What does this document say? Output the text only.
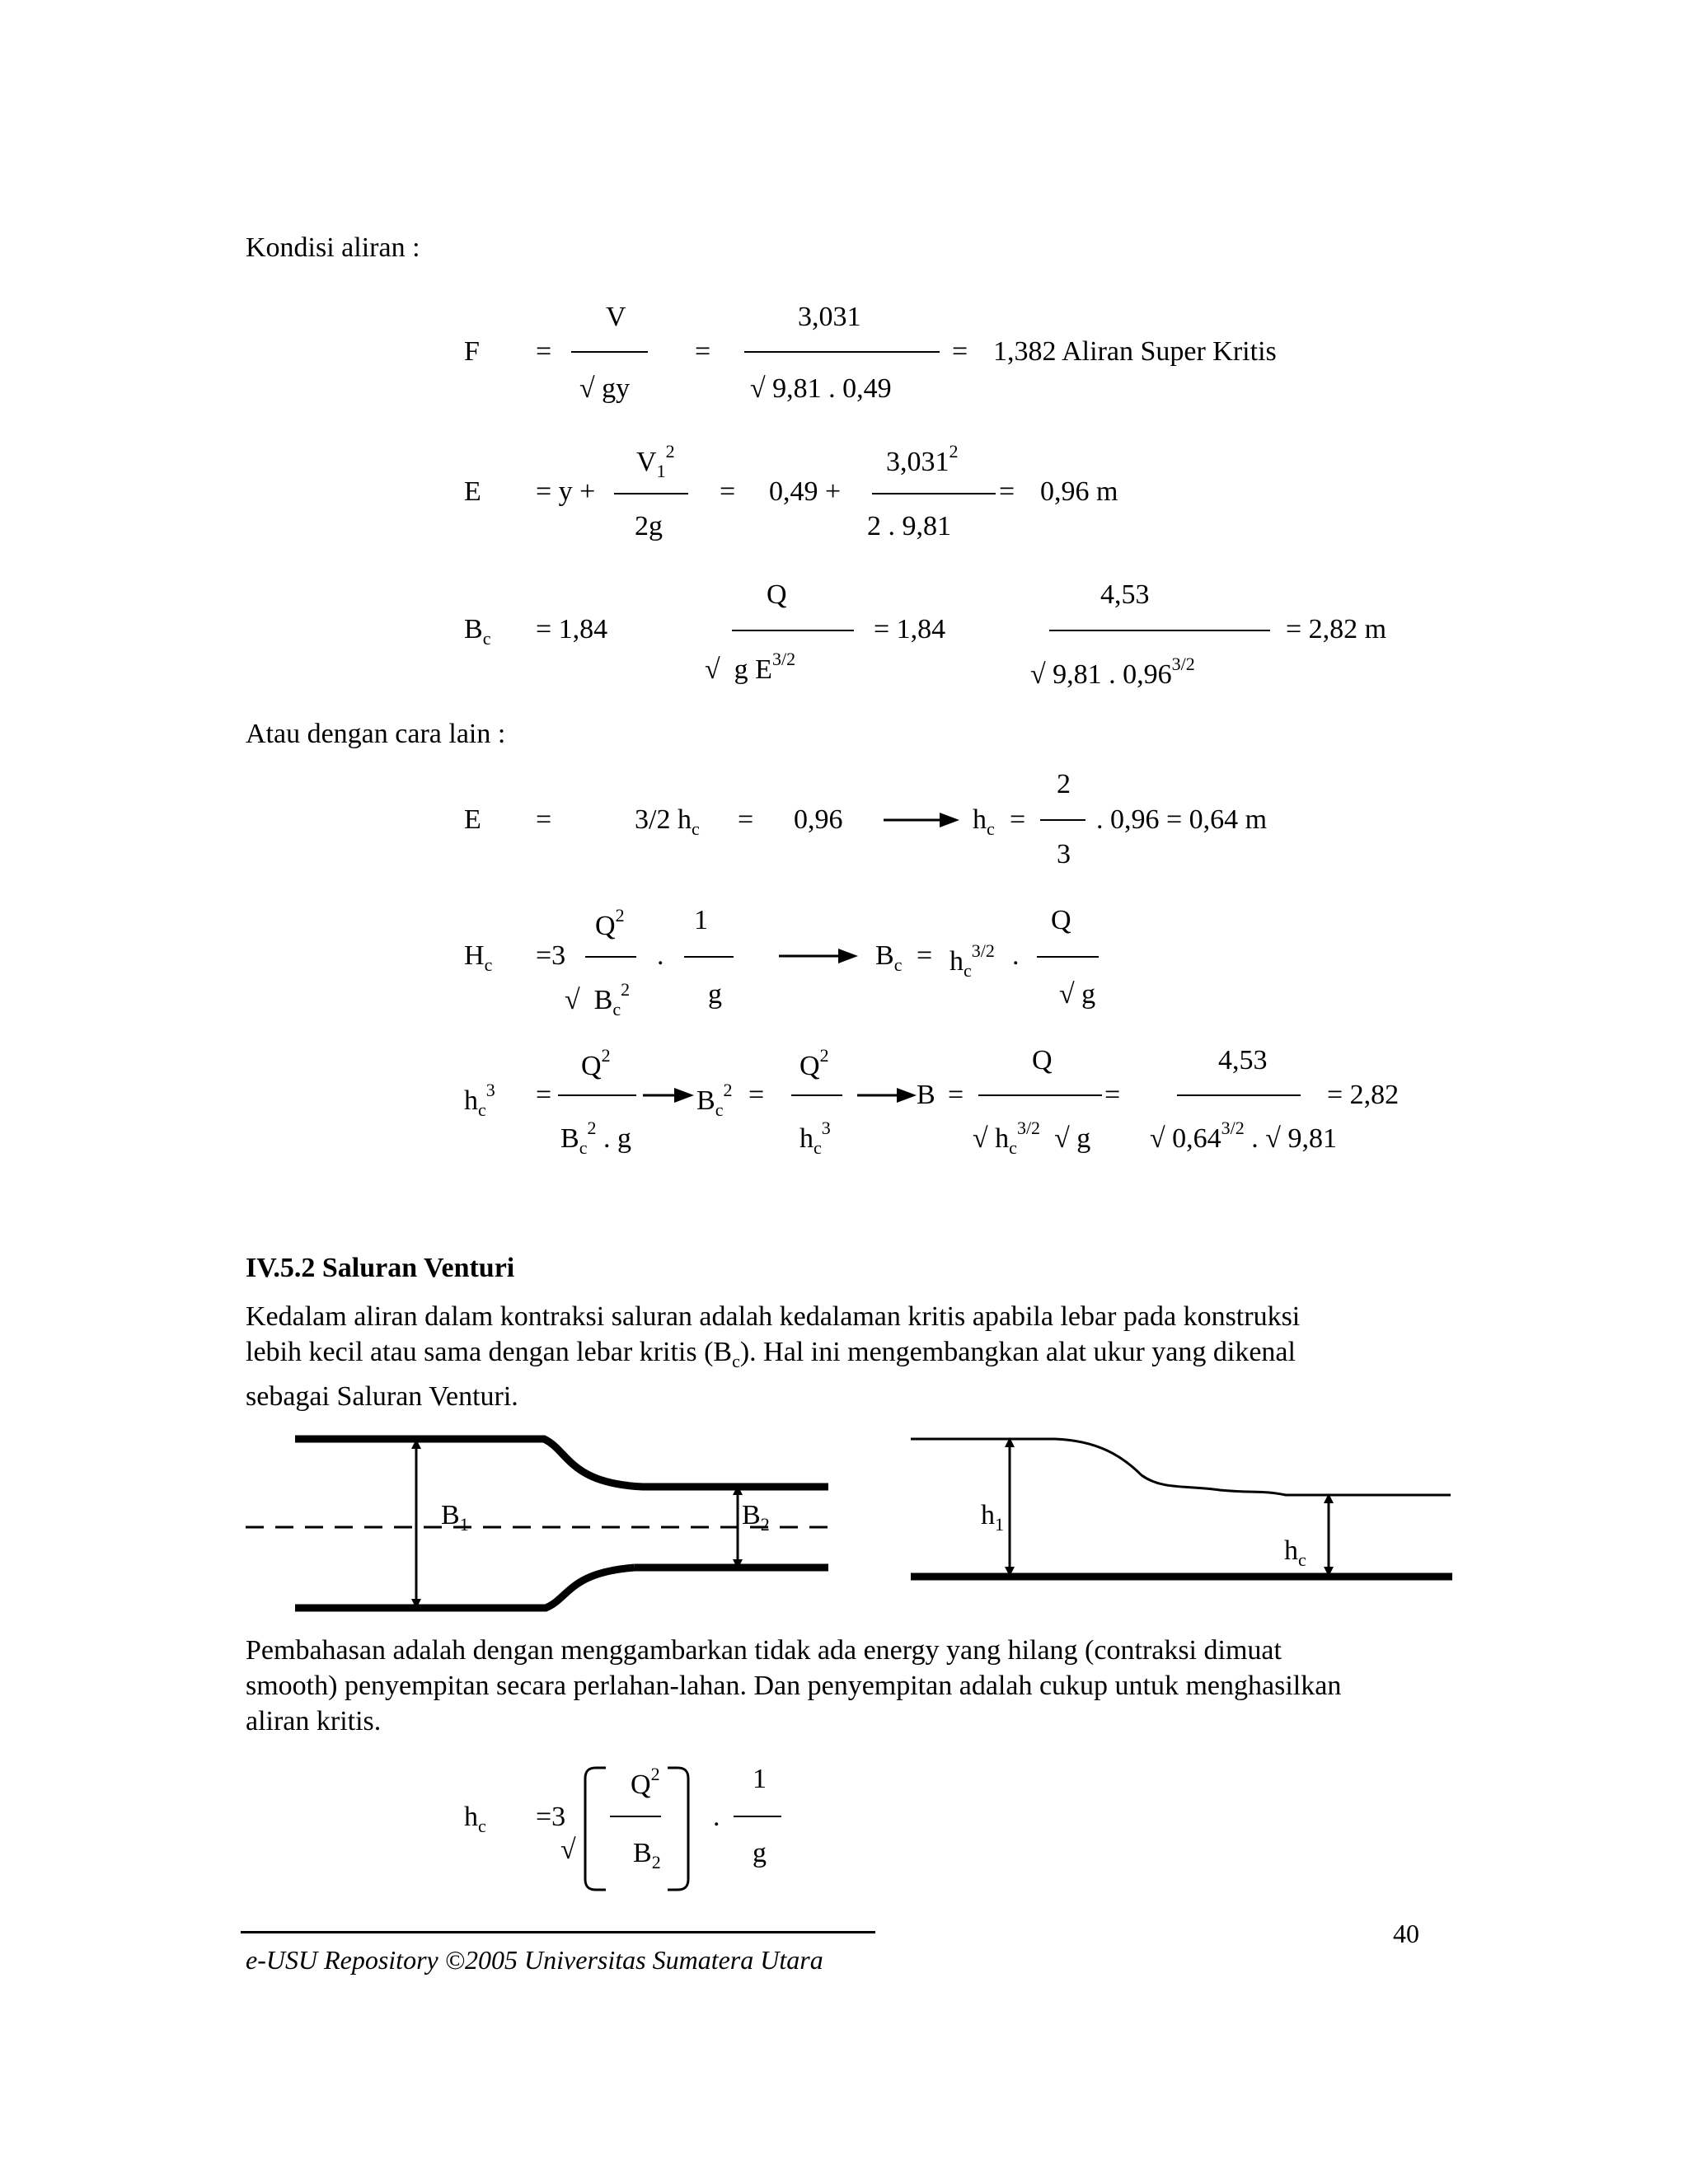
Kondisi aliran :
F =
V
√ gy
=
3,031
√ 9,81 . 0,49
= 1,382 Aliran Super Kritis
E = y +
$V_1^2$
2g
= 0,49 +
$3,031^2$
2 . 9,81
= 0,96 m
$B_c = 1,84$
Q
√ g $E^{3/2}$
= 1,84
4,53
√ 9,81 . $0,96^{3/2}$
= 2,82 m
Atau dengan cara lain :
E =	3/2 $h_c = 0,96$	$h_c$ =
2
3
. 0,96 = 0,64 m
$H_c =3$
$Q^2$
√ $B_c^2$
.
1
g
$B_c = h_c^{3/2}$ .
Q
√ g
$h_c^3$ =
$Q^2$
$B_c^2$ . g
$B_c^2$ =
$Q^2$
$h_c^3$
B =
Q
√ $h_c^{3/2}$ √ g
=
4,53
√ $0,64^{3/2}$ . √ 9,81
= 2,82
IV.5.2 Saluran Venturi

Kedalam aliran dalam kontraksi saluran adalah kedalaman kritis apabila lebar pada konstruksi

lebih kecil atau sama dengan lebar kritis $(B_c)$. Hal ini mengembangkan alat ukur yang dikenal

sebagai Saluran Venturi.

$B_1$	$B_2$	$h_1$
$h_c$

Pembahasan adalah dengan menggambarkan tidak ada energy yang hilang (contraksi dimuat

smooth) penyempitan secara perlahan-lahan. Dan penyempitan adalah cukup untuk menghasilkan

aliran kritis.

$h_c =3$
√
$Q^2$
$B_2$
.
1
g
40
e-USU Repository ©2005 Universitas Sumatera Utara
